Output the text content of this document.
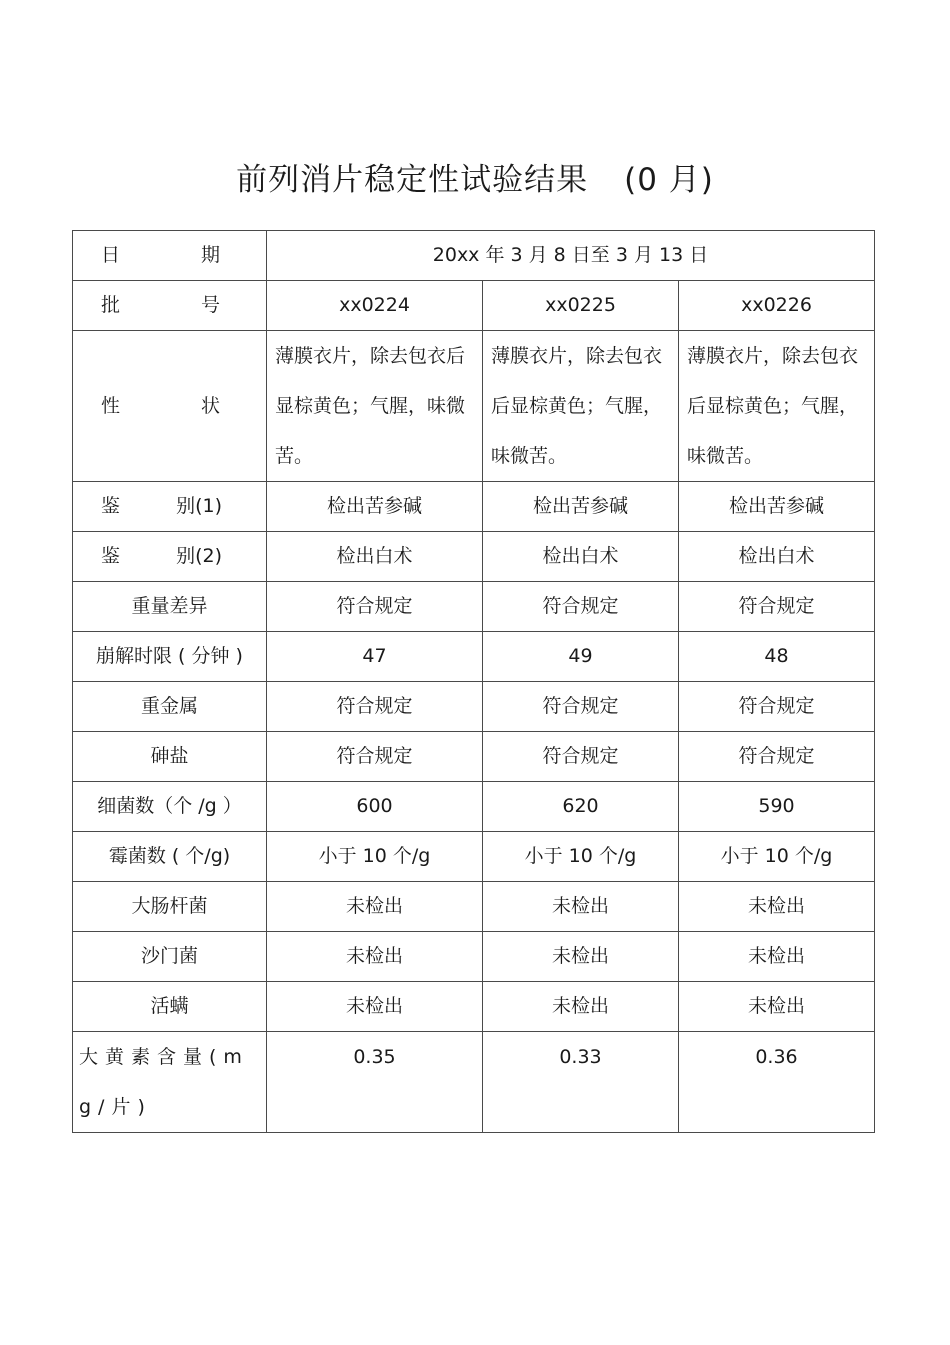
前列消片稳定性试验结果 (0 月)
日 期	20xx 年 3 月 8 日至 3 月 13 日		
批 号	xx0224	xx0225	xx0226
性 状	薄膜衣片，除去包衣后显棕黄色；气腥，味微苦。	薄膜衣片，除去包衣后显棕黄色；气腥，味微苦。	薄膜衣片，除去包衣后显棕黄色；气腥，味微苦。
鉴 别(1)	检出苦参碱	检出苦参碱	检出苦参碱
鉴 别(2)	检出白术	检出白术	检出白术
重量差异	符合规定	符合规定	符合规定
崩解时限 ( 分钟 )	47	49	48
重金属	符合规定	符合规定	符合规定
砷盐	符合规定	符合规定	符合规定
细菌数（个 /g ）	600	620	590
霉菌数 ( 个/g)	小于 10 个/g	小于 10 个/g	小于 10 个/g
大肠杆菌	未检出	未检出	未检出
沙门菌	未检出	未检出	未检出
活螨	未检出	未检出	未检出
大黄素含量(mg/片)	0.35	0.33	0.36
